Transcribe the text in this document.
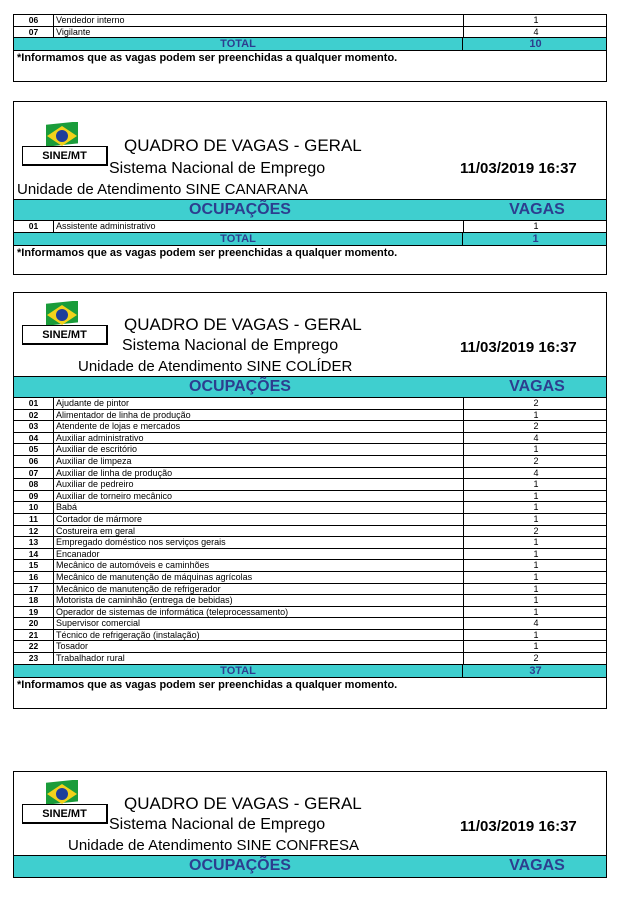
06	Vendedor interno	1
07	Vigilante	4
TOTAL	10
*Informamos que as vagas podem ser preenchidas a qualquer momento.
SINE/MT
QUADRO DE VAGAS - GERAL
Sistema Nacional de Emprego	11/03/2019 16:37
Unidade de Atendimento SINE CANARANA
OCUPAÇÕES	VAGAS
01	Assistente administrativo	1
TOTAL	1
*Informamos que as vagas podem ser preenchidas a qualquer momento.
SINE/MT
QUADRO DE VAGAS - GERAL
Sistema Nacional de Emprego	11/03/2019 16:37
Unidade de Atendimento SINE COLÍDER
OCUPAÇÕES	VAGAS
01	Ajudante de pintor	2
02	Alimentador de linha de produção	1
03	Atendente de lojas e mercados	2
04	Auxiliar administrativo	4
05	Auxiliar de escritório	1
06	Auxiliar de limpeza	2
07	Auxiliar de linha de produção	4
08	Auxiliar de pedreiro	1
09	Auxiliar de torneiro mecânico	1
10	Babá	1
11	Cortador de mármore	1
12	Costureira em geral	2
13	Empregado doméstico nos serviços gerais	1
14	Encanador	1
15	Mecânico de automóveis e caminhões	1
16	Mecânico de manutenção de máquinas agrícolas	1
17	Mecânico de manutenção de refrigerador	1
18	Motorista de caminhão (entrega de bebidas)	1
19	Operador de sistemas de informática (teleprocessamento)	1
20	Supervisor comercial	4
21	Técnico de refrigeração (instalação)	1
22	Tosador	1
23	Trabalhador rural	2
TOTAL	37
*Informamos que as vagas podem ser preenchidas a qualquer momento.
SINE/MT
QUADRO DE VAGAS - GERAL
Sistema Nacional de Emprego	11/03/2019 16:37
Unidade de Atendimento SINE CONFRESA
OCUPAÇÕES	VAGAS
